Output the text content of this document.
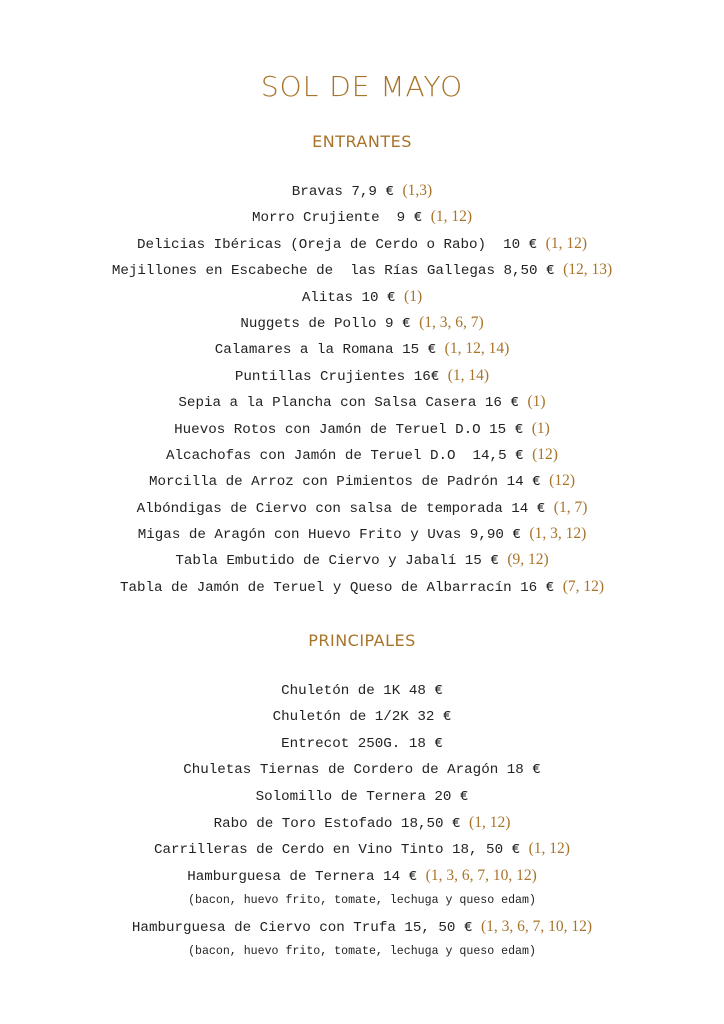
SOL DE MAYO
ENTRANTES
Bravas 7,9 € (1,3)
Morro Crujiente  9 € (1, 12)
Delicias Ibéricas (Oreja de Cerdo o Rabo)  10 € (1, 12)
Mejillones en Escabeche de  las Rías Gallegas 8,50 € (12, 13)
Alitas 10 € (1)
Nuggets de Pollo 9 € (1, 3, 6, 7)
Calamares a la Romana 15 € (1, 12, 14)
Puntillas Crujientes 16€ (1, 14)
Sepia a la Plancha con Salsa Casera 16 € (1)
Huevos Rotos con Jamón de Teruel D.O 15 € (1)
Alcachofas con Jamón de Teruel D.O  14,5 € (12)
Morcilla de Arroz con Pimientos de Padrón 14 € (12)
Albóndigas de Ciervo con salsa de temporada 14 € (1, 7)
Migas de Aragón con Huevo Frito y Uvas 9,90 € (1, 3, 12)
Tabla Embutido de Ciervo y Jabalí 15 € (9, 12)
Tabla de Jamón de Teruel y Queso de Albarracín 16 € (7, 12)
PRINCIPALES
Chuletón de 1K 48 €
Chuletón de 1/2K 32 €
Entrecot 250G. 18 €
Chuletas Tiernas de Cordero de Aragón 18 €
Solomillo de Ternera 20 €
Rabo de Toro Estofado 18,50 € (1, 12)
Carrilleras de Cerdo en Vino Tinto 18, 50 € (1, 12)
Hamburguesa de Ternera 14 € (1, 3, 6, 7, 10, 12)
(bacon, huevo frito, tomate, lechuga y queso edam)
Hamburguesa de Ciervo con Trufa 15, 50 € (1, 3, 6, 7, 10, 12)
(bacon, huevo frito, tomate, lechuga y queso edam)
